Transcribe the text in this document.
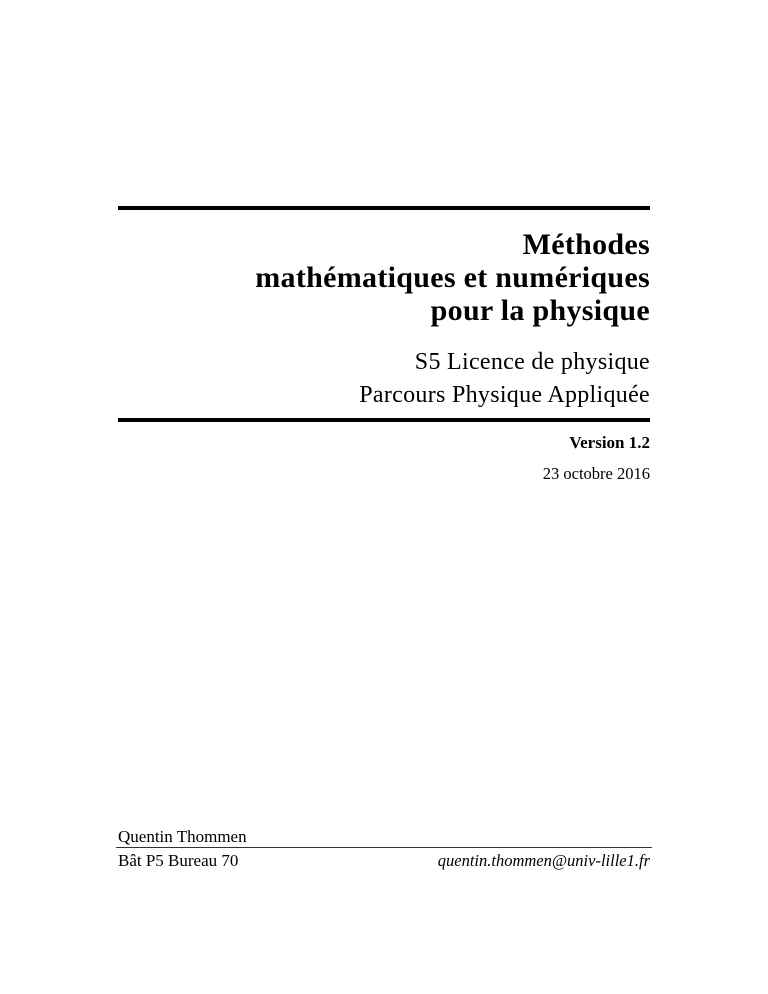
Méthodes
mathématiques et numériques
pour la physique
S5 Licence de physique
Parcours Physique Appliquée
Version 1.2
23 octobre 2016
Quentin Thommen
Bât P5 Bureau 70	quentin.thommen@univ-lille1.fr
